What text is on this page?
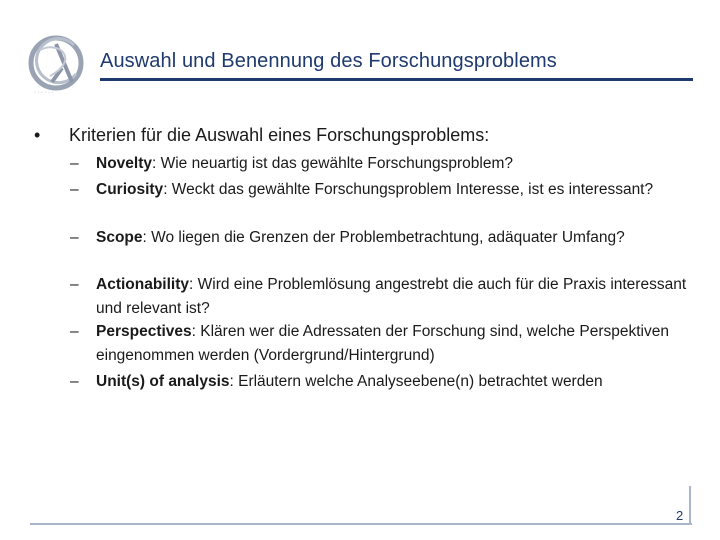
· · · · · ·
Auswahl und Benennung des Forschungsproblems
• Kriterien für die Auswahl eines Forschungsproblems:
– Novelty: Wie neuartig ist das gewählte Forschungsproblem?
– Curiosity: Weckt das gewählte Forschungsproblem Interesse, ist es interessant?
– Scope: Wo liegen die Grenzen der Problembetrachtung, adäquater Umfang?
– Actionability: Wird eine Problemlösung angestrebt die auch für die Praxis interessant und relevant ist?
– Perspectives: Klären wer die Adressaten der Forschung sind, welche Perspektiven eingenommen werden (Vordergrund/Hintergrund)
– Unit(s) of analysis: Erläutern welche Analyseebene(n) betrachtet werden
2
